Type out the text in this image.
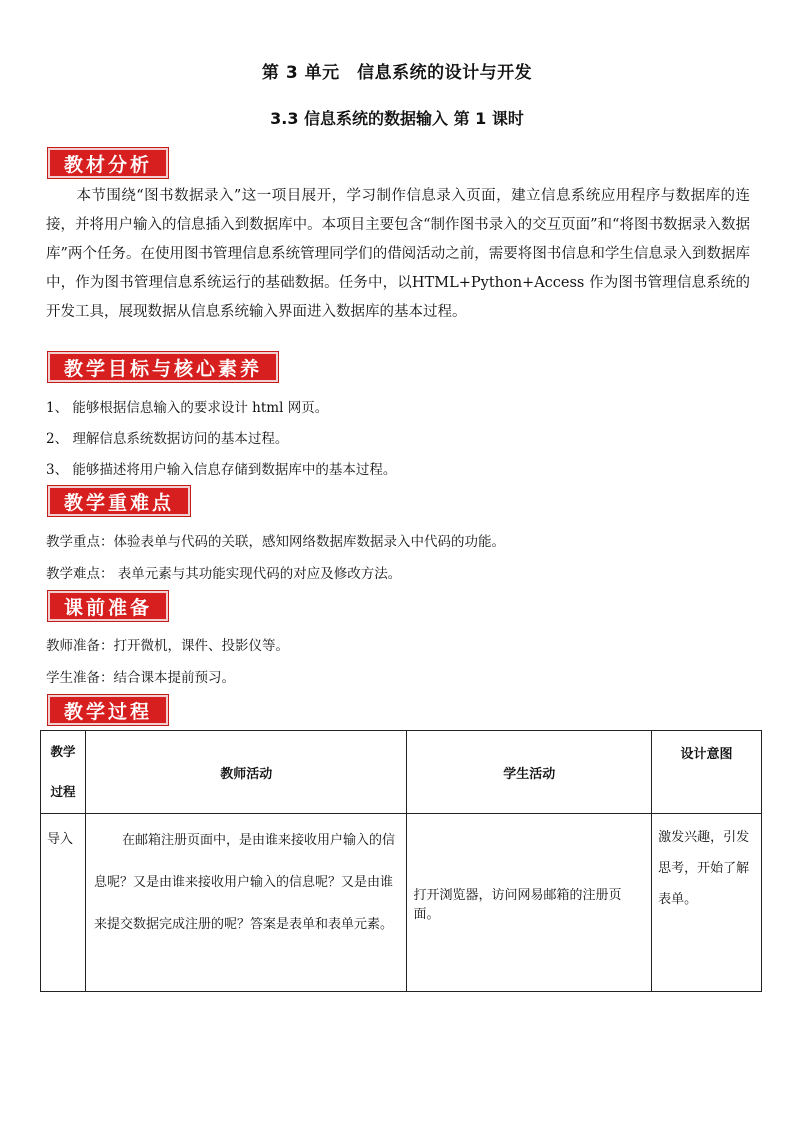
第 3 单元　信息系统的设计与开发
3.3 信息系统的数据输入 第 1 课时
教材分析
本节围绕“图书数据录入”这一项目展开，学习制作信息录入页面，建立信息系统应用程序与数据库的连接，并将用户输入的信息插入到数据库中。本项目主要包含“制作图书录入的交互页面”和“将图书数据录入数据库”两个任务。在使用图书管理信息系统管理同学们的借阅活动之前，需要将图书信息和学生信息录入到数据库中，作为图书管理信息系统运行的基础数据。任务中，以HTML+Python+Access 作为图书管理信息系统的开发工具，展现数据从信息系统输入界面进入数据库的基本过程。
教学目标与核心素养
1、 能够根据信息输入的要求设计 html 网页。
2、 理解信息系统数据访问的基本过程。
3、 能够描述将用户输入信息存储到数据库中的基本过程。
教学重难点
教学重点：体验表单与代码的关联，感知网络数据库数据录入中代码的功能。
教学难点： 表单元素与其功能实现代码的对应及修改方法。
课前准备
教师准备：打开微机，课件、投影仪等。
学生准备：结合课本提前预习。
教学过程
教学
过程	教师活动	学生活动	设计意图
导入	在邮箱注册页面中，是由谁来接收用户输入的信息呢？又是由谁来接收用户输入的信息呢？又是由谁来提交数据完成注册的呢？答案是表单和表单元素。	打开浏览器，访问网易邮箱的注册页面。	激发兴趣，引发思考，开始了解表单。
